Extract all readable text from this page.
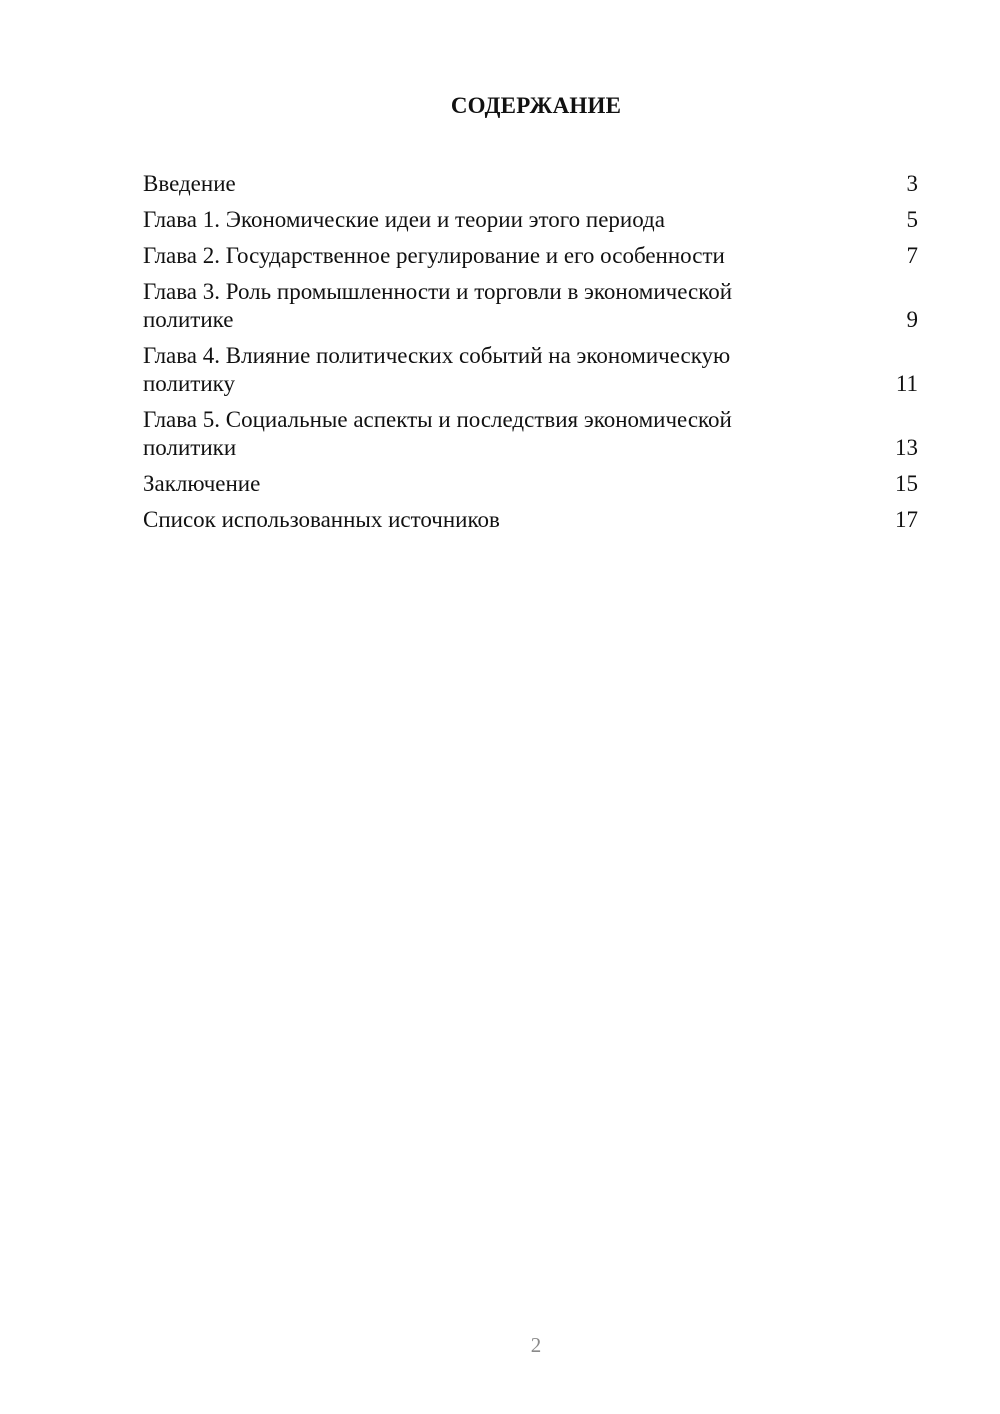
СОДЕРЖАНИЕ
Введение	3
Глава 1. Экономические идеи и теории этого периода	5
Глава 2. Государственное регулирование и его особенности	7
Глава 3. Роль промышленности и торговли в экономической политике	9
Глава 4. Влияние политических событий на экономическую политику	11
Глава 5. Социальные аспекты и последствия экономической политики	13
Заключение	15
Список использованных источников	17
2
